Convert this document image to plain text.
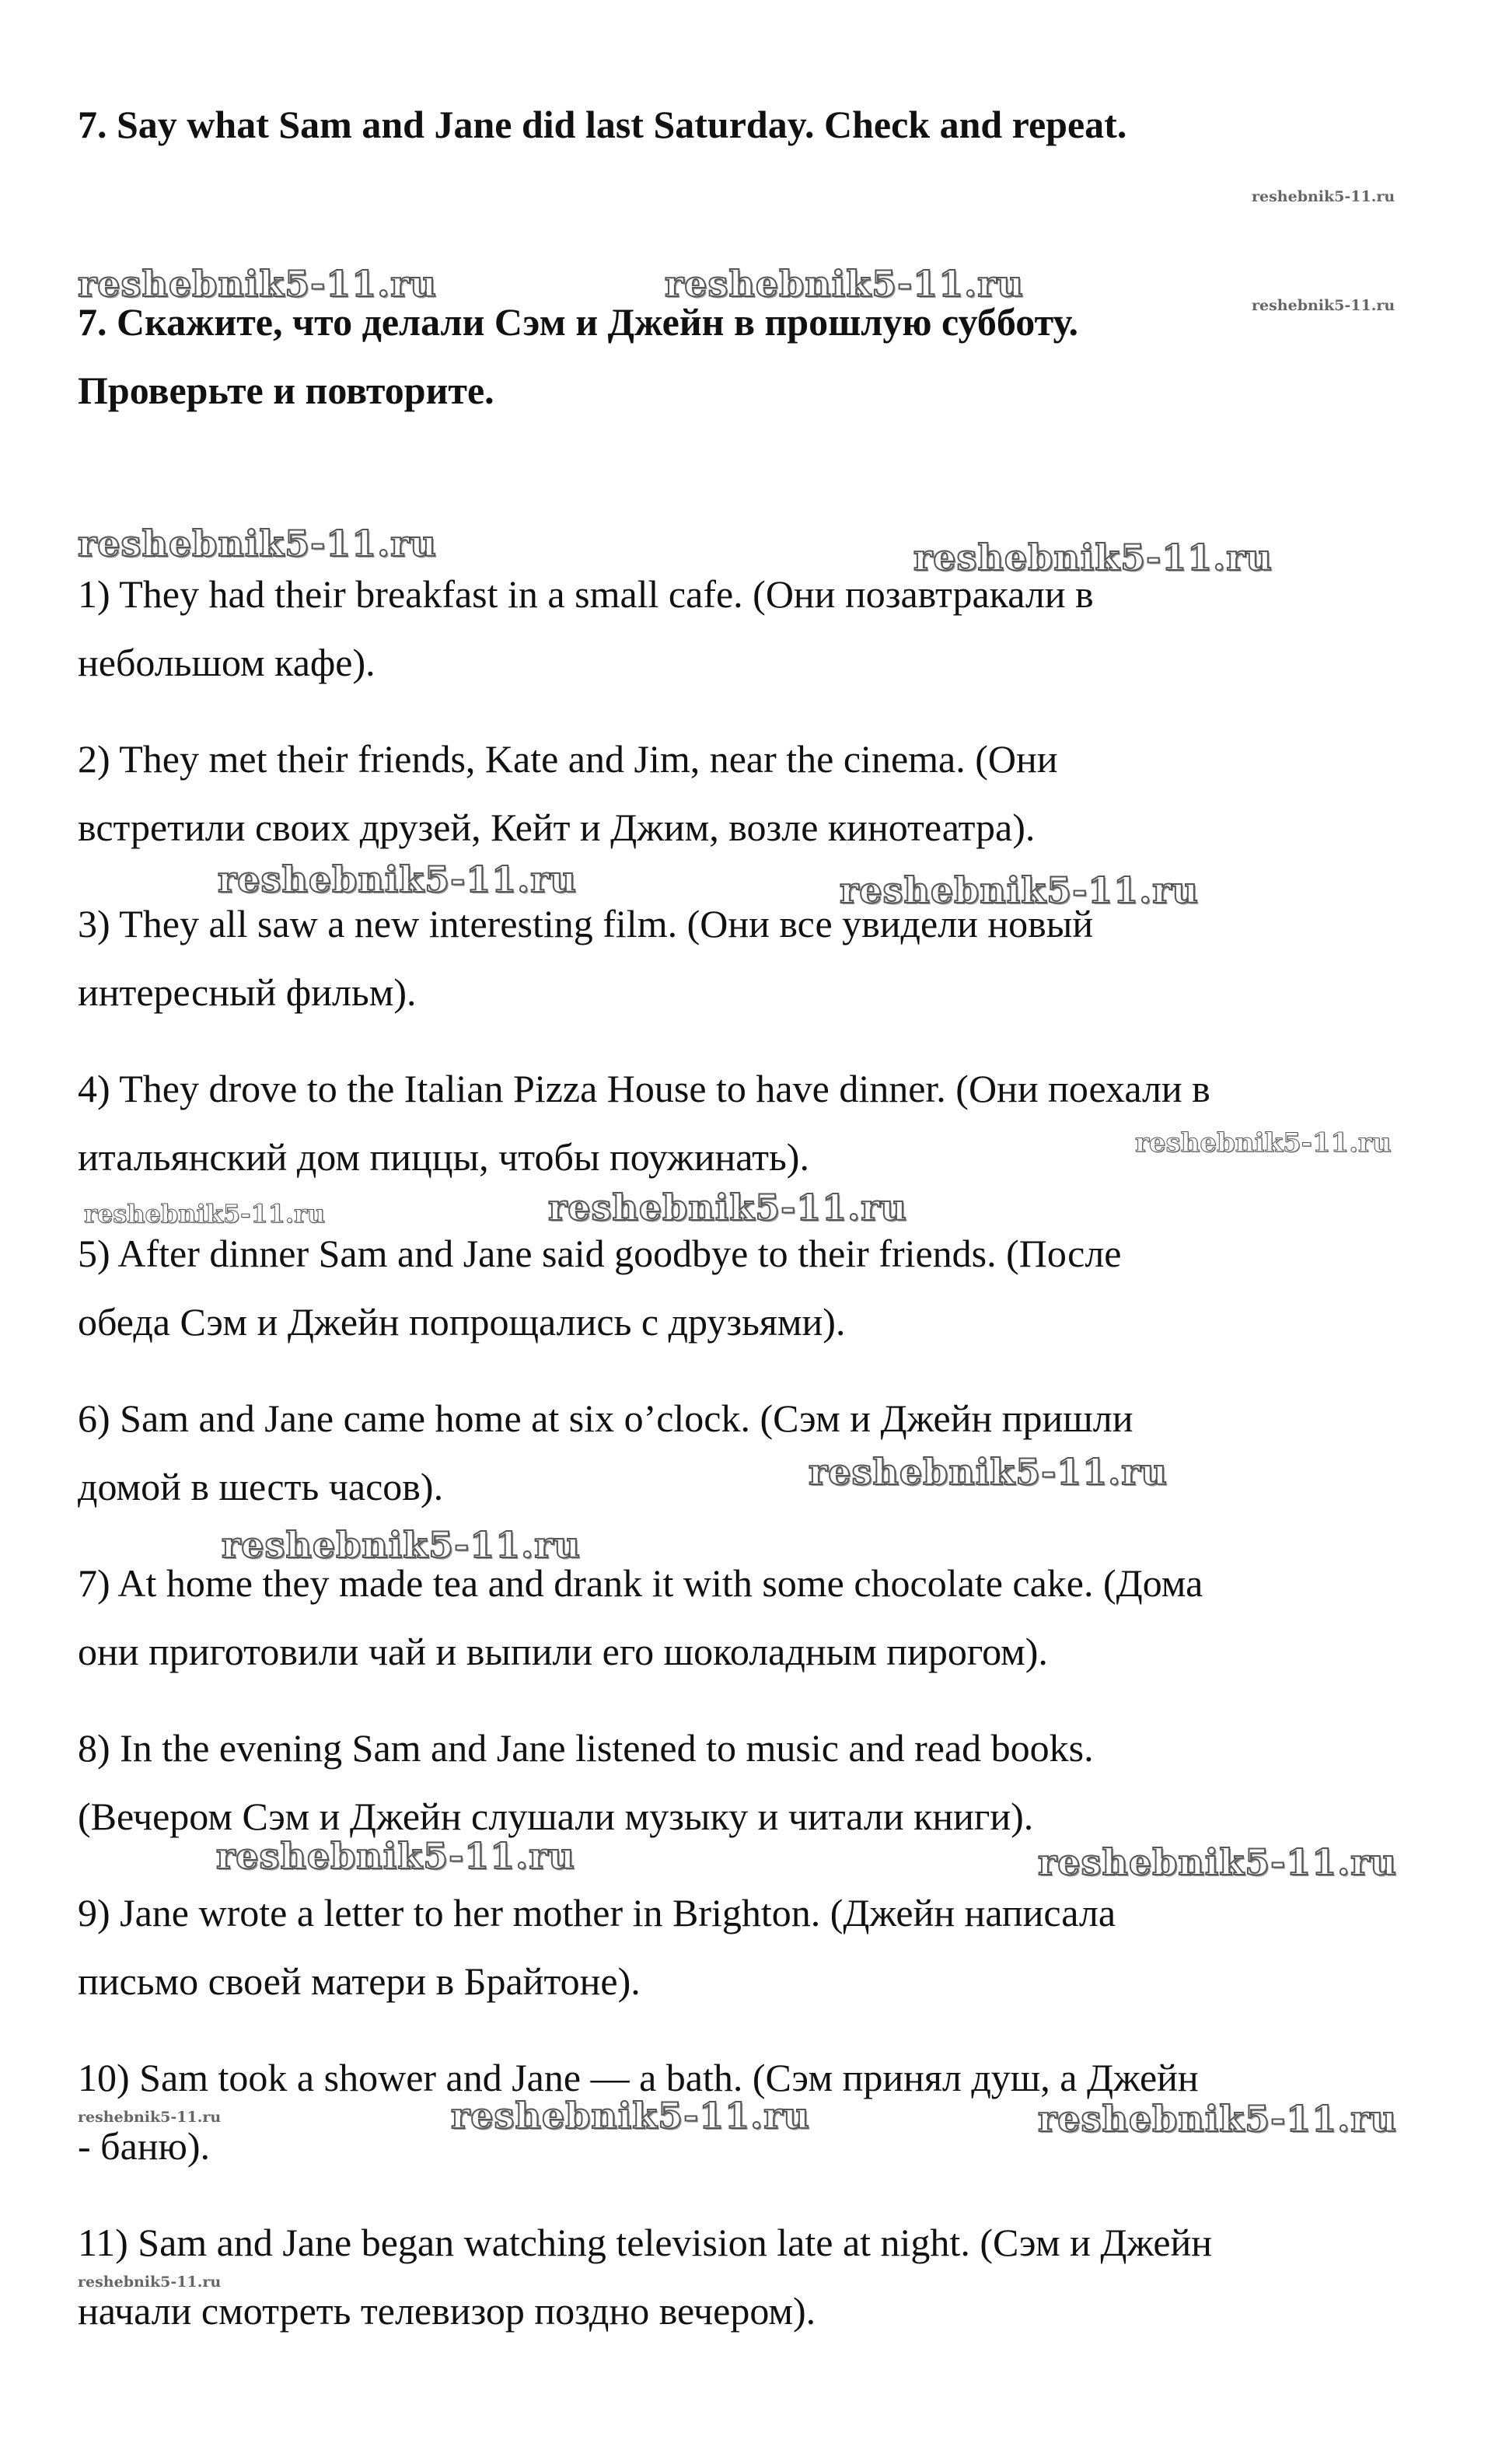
7. Say what Sam and Jane did last Saturday. Check and repeat.
7. Скажите, что делали Сэм и Джейн в прошлую субботу.
Проверьте и повторите.
1) They had their breakfast in a small cafe. (Они позавтракали в
небольшом кафе).
2) They met their friends, Kate and Jim, near the cinema. (Они
встретили своих друзей, Кейт и Джим, возле кинотеатра).
3) They all saw a new interesting film. (Они все увидели новый
интересный фильм).
4) They drove to the Italian Pizza House to have dinner. (Они поехали в
итальянский дом пиццы, чтобы поужинать).
5) After dinner Sam and Jane said goodbye to their friends. (После
обеда Сэм и Джейн попрощались с друзьями).
6) Sam and Jane came home at six o’clock. (Сэм и Джейн пришли
домой в шесть часов).
7) At home they made tea and drank it with some chocolate cake. (Дома
они приготовили чай и выпили его шоколадным пирогом).
8) In the evening Sam and Jane listened to music and read books.
(Вечером Сэм и Джейн слушали музыку и читали книги).
9) Jane wrote a letter to her mother in Brighton. (Джейн написала
письмо своей матери в Брайтоне).
10) Sam took a shower and Jane — a bath. (Сэм принял душ, а Джейн
- баню).
11) Sam and Jane began watching television late at night. (Сэм и Джейн
начали смотреть телевизор поздно вечером).
reshebnik5-11.ru
reshebnik5-11.ru
reshebnik5-11.ru	reshebnik5-11.ru
reshebnik5-11.ru	reshebnik5-11.ru
reshebnik5-11.ru	reshebnik5-11.ru
reshebnik5-11.ru
reshebnik5-11.ru	reshebnik5-11.ru
reshebnik5-11.ru
reshebnik5-11.ru
reshebnik5-11.ru	reshebnik5-11.ru
reshebnik5-11.ru	reshebnik5-11.ru	reshebnik5-11.ru
reshebnik5-11.ru
